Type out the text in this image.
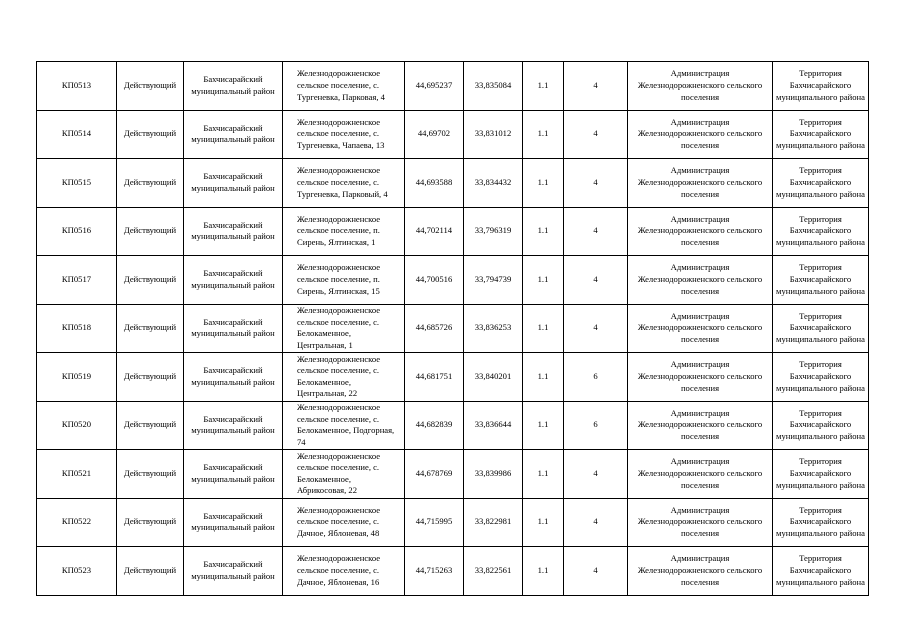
КП0513	Действующий	Бахчисарайский муниципальный район	Железнодорожненское сельское поселение, с. Тургеневка, Парковая, 4	44,695237	33,835084	1.1	4	Администрация Железнодорожненского сельского поселения	Территория Бахчисарайского муниципального района
КП0514	Действующий	Бахчисарайский муниципальный район	Железнодорожненское сельское поселение, с. Тургеневка, Чапаева, 13	44,69702	33,831012	1.1	4	Администрация Железнодорожненского сельского поселения	Территория Бахчисарайского муниципального района
КП0515	Действующий	Бахчисарайский муниципальный район	Железнодорожненское сельское поселение, с. Тургеневка, Парковый, 4	44,693588	33,834432	1.1	4	Администрация Железнодорожненского сельского поселения	Территория Бахчисарайского муниципального района
КП0516	Действующий	Бахчисарайский муниципальный район	Железнодорожненское сельское поселение, п. Сирень, Ялтинская, 1	44,702114	33,796319	1.1	4	Администрация Железнодорожненского сельского поселения	Территория Бахчисарайского муниципального района
КП0517	Действующий	Бахчисарайский муниципальный район	Железнодорожненское сельское поселение, п. Сирень, Ялтинская, 15	44,700516	33,794739	1.1	4	Администрация Железнодорожненского сельского поселения	Территория Бахчисарайского муниципального района
КП0518	Действующий	Бахчисарайский муниципальный район	Железнодорожненское сельское поселение, с. Белокаменное, Центральная, 1	44,685726	33,836253	1.1	4	Администрация Железнодорожненского сельского поселения	Территория Бахчисарайского муниципального района
КП0519	Действующий	Бахчисарайский муниципальный район	Железнодорожненское сельское поселение, с. Белокаменное, Центральная, 22	44,681751	33,840201	1.1	6	Администрация Железнодорожненского сельского поселения	Территория Бахчисарайского муниципального района
КП0520	Действующий	Бахчисарайский муниципальный район	Железнодорожненское сельское поселение, с. Белокаменное, Подгорная, 74	44,682839	33,836644	1.1	6	Администрация Железнодорожненского сельского поселения	Территория Бахчисарайского муниципального района
КП0521	Действующий	Бахчисарайский муниципальный район	Железнодорожненское сельское поселение, с. Белокаменное, Абрикосовая, 22	44,678769	33,839986	1.1	4	Администрация Железнодорожненского сельского поселения	Территория Бахчисарайского муниципального района
КП0522	Действующий	Бахчисарайский муниципальный район	Железнодорожненское сельское поселение, с. Дачное, Яблоневая, 48	44,715995	33,822981	1.1	4	Администрация Железнодорожненского сельского поселения	Территория Бахчисарайского муниципального района
КП0523	Действующий	Бахчисарайский муниципальный район	Железнодорожненское сельское поселение, с. Дачное, Яблоневая, 16	44,715263	33,822561	1.1	4	Администрация Железнодорожненского сельского поселения	Территория Бахчисарайского муниципального района
